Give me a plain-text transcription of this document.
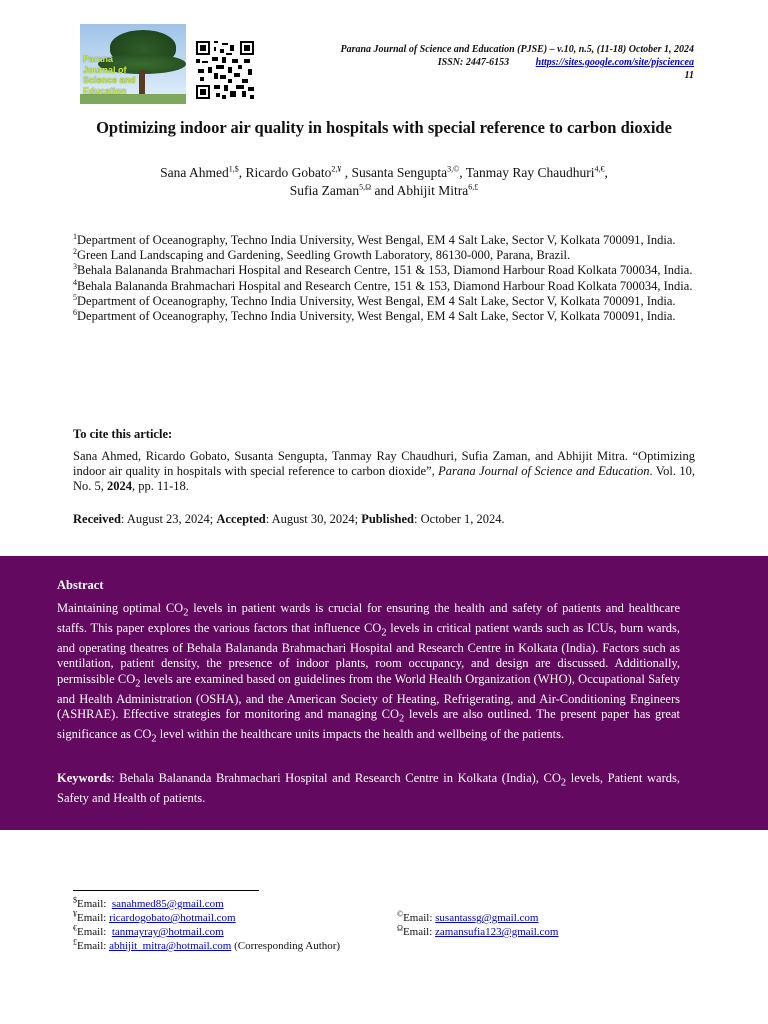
Parana
Journal of
Science and
Education
Parana Journal of Science and Education (PJSE) – v.10, n.5, (11-18) October 1, 2024
ISSN: 2447-6153	https://sites.google.com/site/pjsciencea
11
Optimizing indoor air quality in hospitals with special reference to carbon dioxide
Sana Ahmed$^{1,\$}$, Ricardo Gobato$^{2,¥}$ , Susanta Sengupta$^{3,©}$, Tanmay Ray Chaudhuri$^{4,€}$,
Sufia Zaman$^{5,\Omega}$ and Abhijit Mitra$^{6,£}$

$^1$Department of Oceanography, Techno India University, West Bengal, EM 4 Salt Lake, Sector V, Kolkata 700091, India.

$^2$Green Land Landscaping and Gardening, Seedling Growth Laboratory, 86130-000, Parana, Brazil.

$^3$Behala Balananda Brahmachari Hospital and Research Centre, 151 & 153, Diamond Harbour Road Kolkata 700034, India.

$^4$Behala Balananda Brahmachari Hospital and Research Centre, 151 & 153, Diamond Harbour Road Kolkata 700034, India.

$^5$Department of Oceanography, Techno India University, West Bengal, EM 4 Salt Lake, Sector V, Kolkata 700091, India.

$^6$Department of Oceanography, Techno India University, West Bengal, EM 4 Salt Lake, Sector V, Kolkata 700091, India.

To cite this article:
Sana Ahmed, Ricardo Gobato, Susanta Sengupta, Tanmay Ray Chaudhuri, Sufia Zaman, and Abhijit Mitra. “Optimizing indoor air quality in hospitals with special reference to carbon dioxide”, Parana Journal of Science and Education. Vol. 10, No. 5, 2024, pp. 11-18.
Received: August 23, 2024; Accepted: August 30, 2024; Published: October 1, 2024.
Abstract
Maintaining optimal $CO_2$ levels in patient wards is crucial for ensuring the health and safety of patients and healthcare staffs. This paper explores the various factors that influence $CO_2$ levels in critical patient wards such as ICUs, burn wards, and operating theatres of Behala Balananda Brahmachari Hospital and Research Centre in Kolkata (India). Factors such as ventilation, patient density, the presence of indoor plants, room occupancy, and design are discussed. Additionally, permissible $CO_2$ levels are examined based on guidelines from the World Health Organization (WHO), Occupational Safety and Health Administration (OSHA), and the American Society of Heating, Refrigerating, and Air-Conditioning Engineers (ASHRAE). Effective strategies for monitoring and managing $CO_2$ levels are also outlined. The present paper has great significance as $CO_2$ level within the healthcare units impacts the health and wellbeing of the patients.
Keywords: Behala Balananda Brahmachari Hospital and Research Centre in Kolkata (India), $CO_2$ levels, Patient wards, Safety and Health of patients.
$Email: sanahmed85@gmail.com
¥Email: ricardogobato@hotmail.com	©Email: susantassg@gmail.com
€Email: tanmayray@hotmail.com	$^\Omega$Email: zamansufia123@gmail.com
£Email: abhijit_mitra@hotmail.com (Corresponding Author)
